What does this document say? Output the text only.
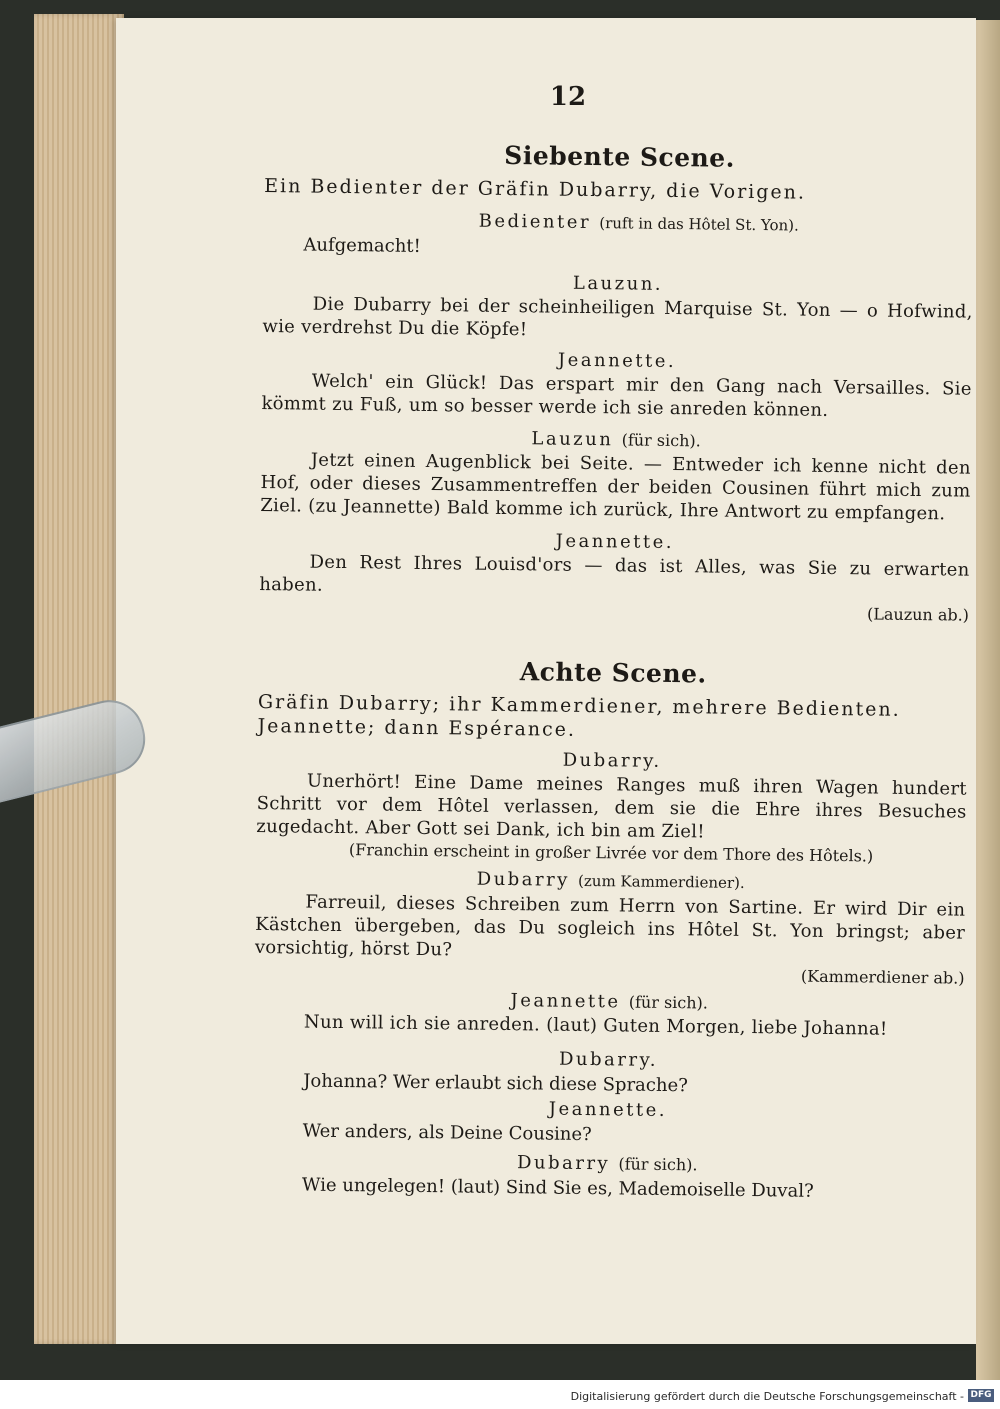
12

Siebente Scene.

Ein Bedienter der Gräfin Dubarry, die Vorigen.

Bedienter (ruft in das Hôtel St. Yon).

Aufgemacht!

Lauzun.

Die Dubarry bei der scheinheiligen Marquise St. Yon — o Hofwind, wie verdrehst Du die Köpfe!

Jeannette.

Welch' ein Glück! Das erspart mir den Gang nach Versailles. Sie kömmt zu Fuß, um so besser werde ich sie anreden können.

Lauzun (für sich).

Jetzt einen Augenblick bei Seite. — Entweder ich kenne nicht den Hof, oder dieses Zusammentreffen der beiden Cousinen führt mich zum Ziel. (zu Jeannette) Bald komme ich zurück, Ihre Antwort zu empfangen.

Jeannette.

Den Rest Ihres Louisd'ors — das ist Alles, was Sie zu erwarten haben.

(Lauzun ab.)

Achte Scene.

Gräfin Dubarry; ihr Kammerdiener, mehrere Bedienten. Jeannette; dann Espérance.

Dubarry.

Unerhört! Eine Dame meines Ranges muß ihren Wagen hundert Schritt vor dem Hôtel verlassen, dem sie die Ehre ihres Besuches zugedacht. Aber Gott sei Dank, ich bin am Ziel!

(Franchin erscheint in großer Livrée vor dem Thore des Hôtels.)

Dubarry (zum Kammerdiener).

Farreuil, dieses Schreiben zum Herrn von Sartine. Er wird Dir ein Kästchen übergeben, das Du sogleich ins Hôtel St. Yon bringst; aber vorsichtig, hörst Du?

(Kammerdiener ab.)

Jeannette (für sich).

Nun will ich sie anreden. (laut) Guten Morgen, liebe Johanna!

Dubarry.

Johanna? Wer erlaubt sich diese Sprache?

Jeannette.

Wer anders, als Deine Cousine?

Dubarry (für sich).

Wie ungelegen! (laut) Sind Sie es, Mademoiselle Duval?

Digitalisierung gefördert durch die Deutsche Forschungsgemeinschaft - DFG
